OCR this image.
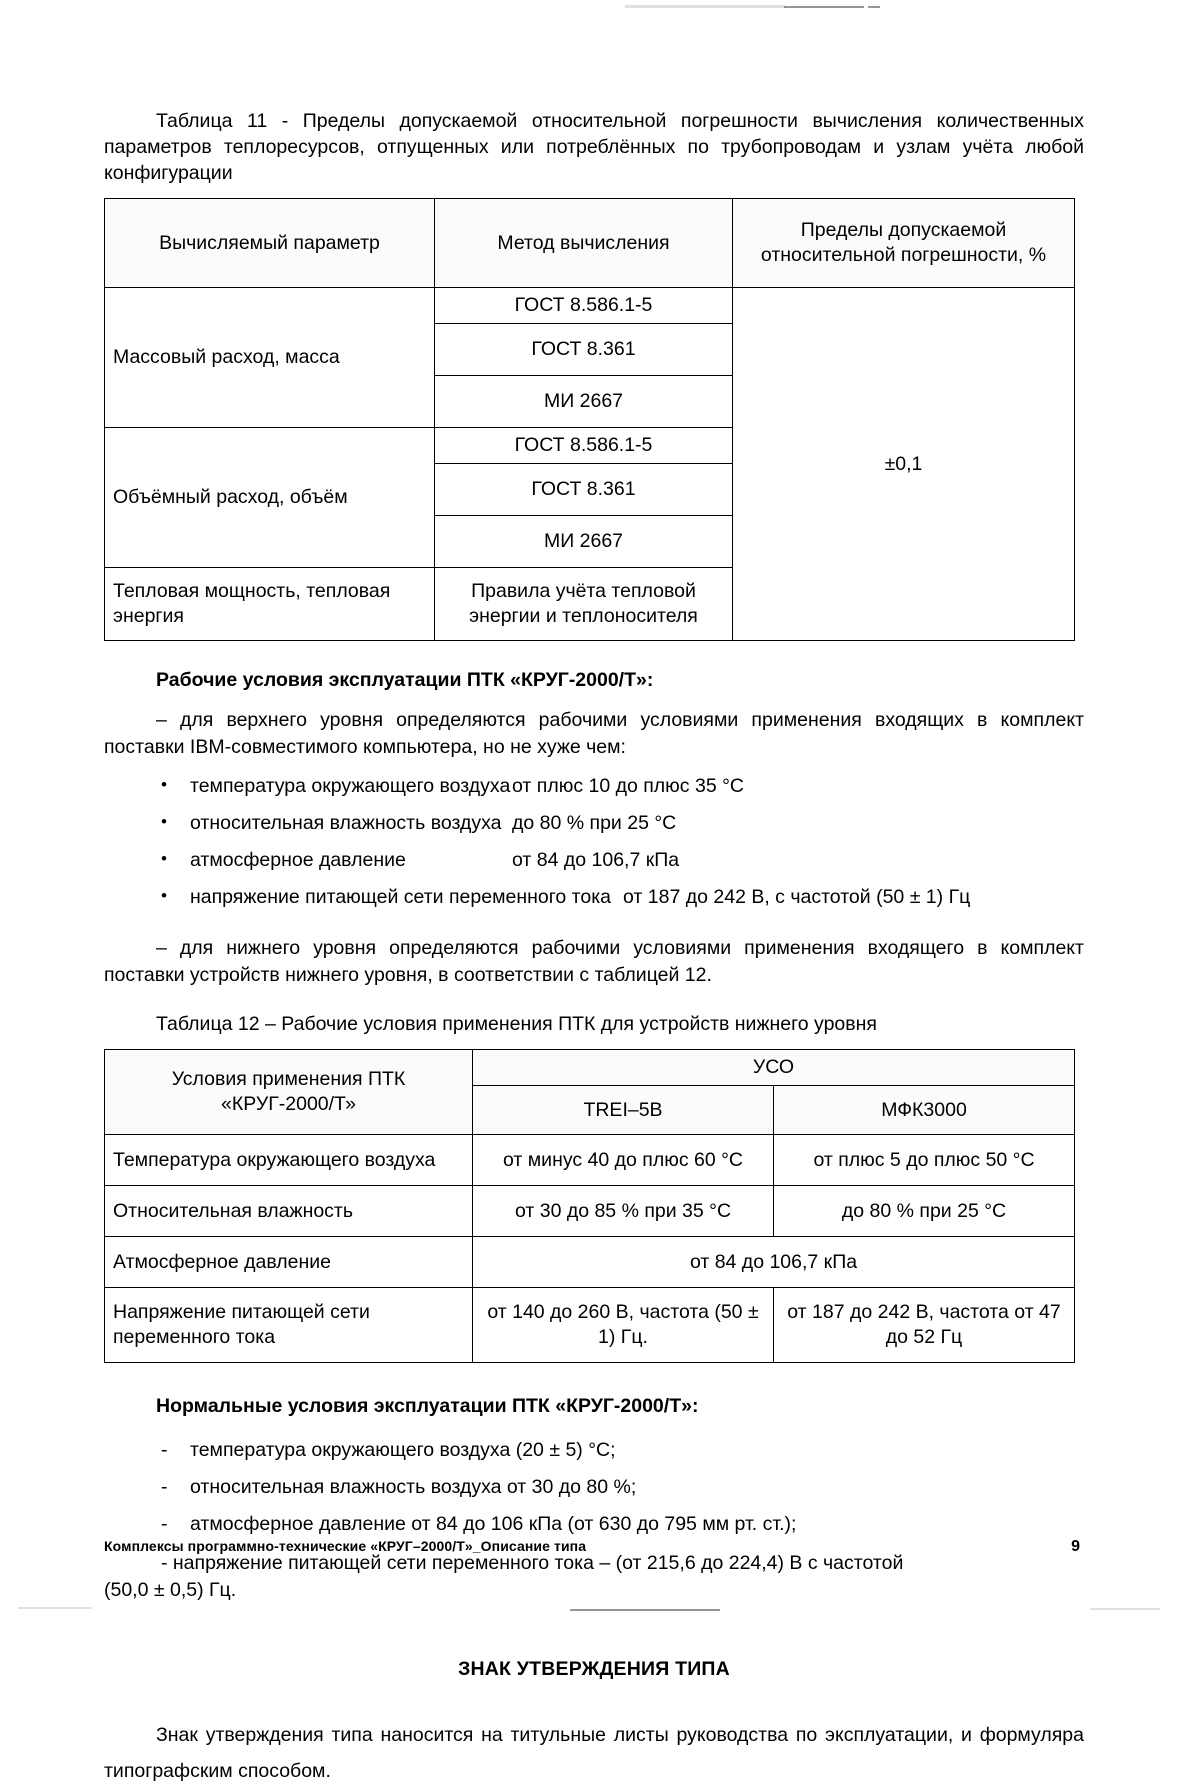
Таблица 11 - Пределы допускаемой относительной погрешности вычисления количественных параметров теплоресурсов, отпущенных или потреблённых по трубопроводам и узлам учёта любой конфигурации

Вычисляемый параметр	Метод вычисления	Пределы допускаемой относительной погрешности, %
Массовый расход, масса	ГОСТ 8.586.1-5	±0,1
	ГОСТ 8.361	
	МИ 2667	
Объёмный расход, объём	ГОСТ 8.586.1-5	
	ГОСТ 8.361	
	МИ 2667	
Тепловая мощность, тепловая энергия	Правила учёта тепловой энергии и теплоносителя	

Рабочие условия эксплуатации ПТК «КРУГ-2000/Т»:

– для верхнего уровня определяются рабочими условиями применения входящих в комплект поставки IBM-совместимого компьютера, но не хуже чем:

• температура окружающего воздухаот плюс 10 до плюс 35 °C
• относительная влажность воздуха до 80 % при 25 °C
• атмосферное давление	от 84 до 106,7 кПа
• напряжение питающей сети переменного тока от 187 до 242 В, с частотой (50 ± 1) Гц

– для нижнего уровня определяются рабочими условиями применения входящего в комплект поставки устройств нижнего уровня, в соответствии с таблицей 12.

Таблица 12 – Рабочие условия применения ПТК для устройств нижнего уровня

Условия применения ПТК «КРУГ-2000/Т»	УСО	
	TREI–5B	МФК3000
Температура окружающего воздуха	от минус 40 до плюс 60 °C	от плюс 5 до плюс 50 °C
Относительная влажность	от 30 до 85 % при 35 °C	до 80 % при 25 °C
Атмосферное давление	от 84 до 106,7 кПа	
Напряжение питающей сети переменного тока	от 140 до 260 В, частота (50 ± 1) Гц.	от 187 до 242 В, частота от 47 до 52 Гц

Нормальные условия эксплуатации ПТК «КРУГ-2000/Т»:

- температура окружающего воздуха (20 ± 5) °C;
- относительная влажность воздуха от 30 до 80 %;
- атмосферное давление от 84 до 106 кПа (от 630 до 795 мм рт. ст.);

- напряжение питающей сети переменного тока – (от 215,6 до 224,4) В с частотой

(50,0 ± 0,5) Гц.

ЗНАК УТВЕРЖДЕНИЯ ТИПА

Знак утверждения типа наносится на титульные листы руководства по эксплуатации, и формуляра типографским способом.

Комплексы программно-технические «КРУГ–2000/Т»_Описание типа	9
